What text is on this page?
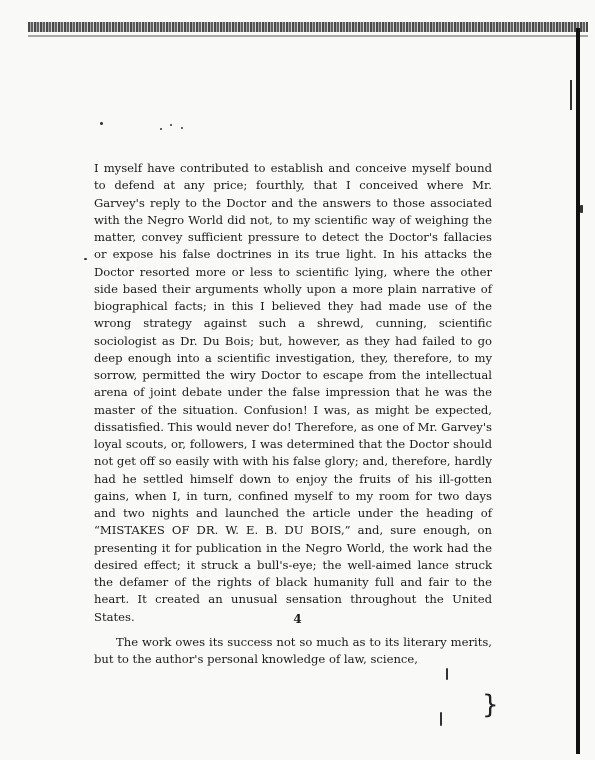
I myself have contributed to establish and conceive myself bound to defend at any price; fourthly, that I conceived where Mr. Garvey's reply to the Doctor and the answers to those associated with the Negro World did not, to my scientific way of weighing the matter, convey sufficient pressure to detect the Doctor's fallacies or expose his false doctrines in its true light. In his attacks the Doctor resorted more or less to scientific lying, where the other side based their arguments wholly upon a more plain narrative of biographical facts; in this I believed they had made use of the wrong strategy against such a shrewd, cunning, scientific sociologist as Dr. Du Bois; but, however, as they had failed to go deep enough into a scientific investigation, they, therefore, to my sorrow, permitted the wiry Doctor to escape from the intellectual arena of joint debate under the false impression that he was the master of the situation. Confusion! I was, as might be expected, dissatisfied. This would never do! Therefore, as one of Mr. Garvey's loyal scouts, or, followers, I was determined that the Doctor should not get off so easily with with his false glory; and, therefore, hardly had he settled himself down to enjoy the fruits of his ill-gotten gains, when I, in turn, confined myself to my room for two days and two nights and launched the article under the heading of “MISTAKES OF DR. W. E. B. DU BOIS,” and, sure enough, on presenting it for publication in the Negro World, the work had the desired effect; it struck a bull's-eye; the well-aimed lance struck the defamer of the rights of black humanity full and fair to the heart. It created an unusual sensation throughout the United States.

The work owes its success not so much as to its literary merits, but to the author's personal knowledge of law, science,

4
}
